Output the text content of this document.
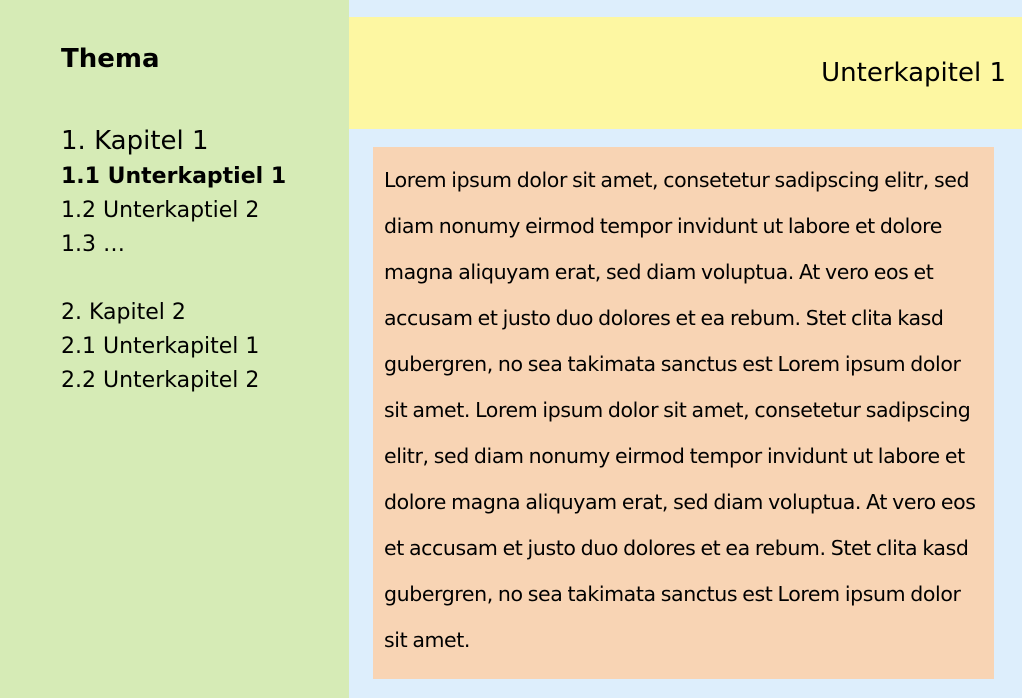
Thema
1. Kapitel 1
1.1 Unterkaptiel 1
1.2 Unterkaptiel 2
1.3 …
2. Kapitel 2
2.1 Unterkapitel 1
2.2 Unterkapitel 2
Unterkapitel 1

Lorem ipsum dolor sit amet, consetetur sadipscing elitr, sed diam nonumy eirmod tempor invidunt ut labore et dolore magna aliquyam erat, sed diam voluptua. At vero eos et accusam et justo duo dolores et ea rebum. Stet clita kasd gubergren, no sea takimata sanctus est Lorem ipsum dolor sit amet. Lorem ipsum dolor sit amet, consetetur sadipscing elitr, sed diam nonumy eirmod tempor invidunt ut labore et dolore magna aliquyam erat, sed diam voluptua. At vero eos et accusam et justo duo dolores et ea rebum. Stet clita kasd gubergren, no sea takimata sanctus est Lorem ipsum dolor sit amet.
